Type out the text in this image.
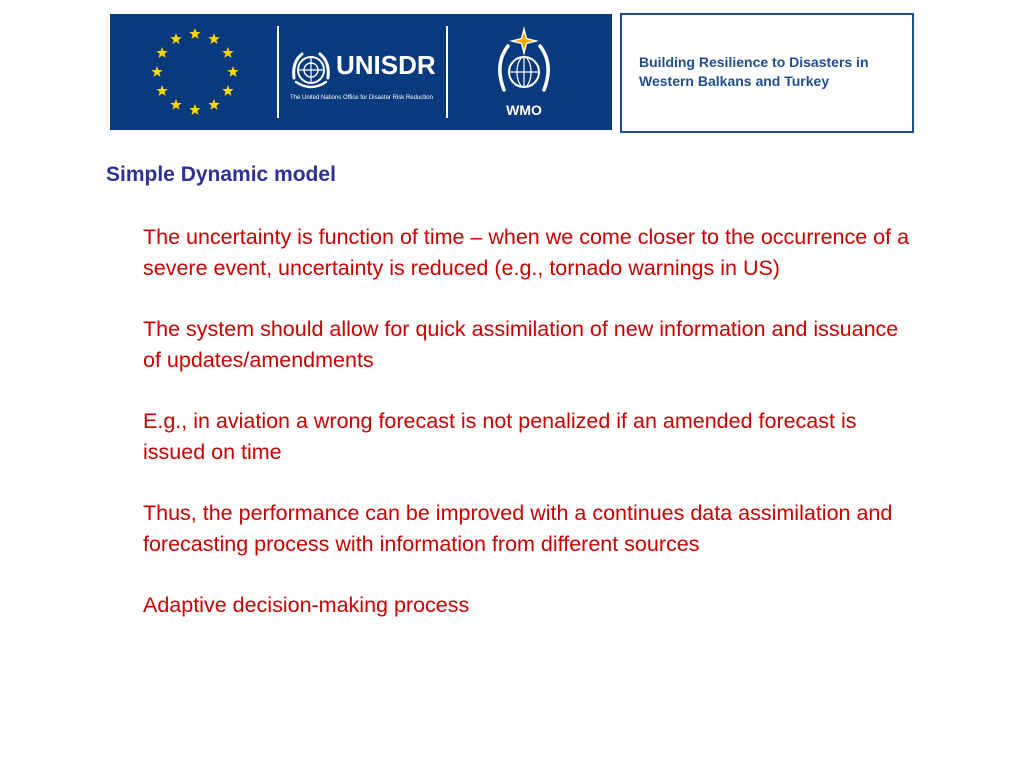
UNISDR
The United Nations Office for Disaster Risk Reduction
WMO
Building Resilience to Disasters in
Western Balkans and Turkey
Simple Dynamic model
The uncertainty is function of time – when we come closer to the occurrence of a severe event, uncertainty is reduced (e.g., tornado warnings in US)
The system should allow for quick assimilation of new information and issuance of updates/amendments
E.g., in aviation a wrong forecast is not penalized if an amended forecast is issued on time
Thus, the performance can be improved with a continues data assimilation and forecasting process with information from different sources
Adaptive decision-making process
